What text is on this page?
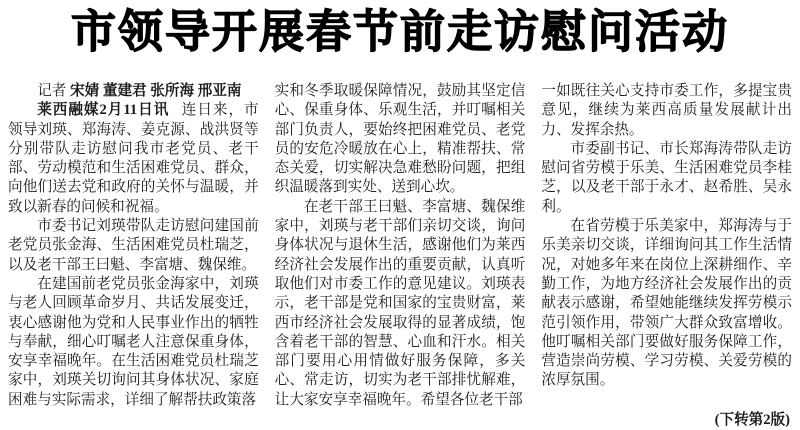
市领导开展春节前走访慰问活动

记者 宋婧 董建君 张所海 邢亚南

莱西融媒2月11日讯 连日来，市领导刘瑛、郑海涛、姜克源、战洪贤等分别带队走访慰问我市老党员、老干部、劳动模范和生活困难党员、群众，向他们送去党和政府的关怀与温暖，并致以新春的问候和祝福。

市委书记刘瑛带队走访慰问建国前老党员张金海、生活困难党员杜瑞芝，以及老干部王曰魁、李富塘、魏保维。

在建国前老党员张金海家中，刘瑛与老人回顾革命岁月、共话发展变迁，衷心感谢他为党和人民事业作出的牺牲与奉献，细心叮嘱老人注意保重身体，安享幸福晚年。在生活困难党员杜瑞芝家中，刘瑛关切询问其身体状况、家庭困难与实际需求，详细了解帮扶政策落

实和冬季取暖保障情况，鼓励其坚定信心、保重身体、乐观生活，并叮嘱相关部门负责人，要始终把困难党员、老党员的安危冷暖放在心上，精准帮扶、常态关爱，切实解决急难愁盼问题，把组织温暖落到实处、送到心坎。

在老干部王曰魁、李富塘、魏保维家中，刘瑛与老干部们亲切交谈，询问身体状况与退休生活，感谢他们为莱西经济社会发展作出的重要贡献，认真听取他们对市委工作的意见建议。刘瑛表示，老干部是党和国家的宝贵财富，莱西市经济社会发展取得的显著成绩，饱含着老干部的智慧、心血和汗水。相关部门要用心用情做好服务保障，多关心、常走访，切实为老干部排忧解难，让大家安享幸福晚年。希望各位老干部

一如既往关心支持市委工作，多提宝贵意见，继续为莱西高质量发展献计出力、发挥余热。

市委副书记、市长郑海涛带队走访慰问省劳模于乐美、生活困难党员李桂芝，以及老干部于永才、赵希胜、吴永利。

在省劳模于乐美家中，郑海涛与于乐美亲切交谈，详细询问其工作生活情况，对她多年来在岗位上深耕细作、辛勤工作，为地方经济社会发展作出的贡献表示感谢，希望她能继续发挥劳模示范引领作用，带领广大群众致富增收。他叮嘱相关部门要做好服务保障工作，营造崇尚劳模、学习劳模、关爱劳模的浓厚氛围。

(下转第2版)
